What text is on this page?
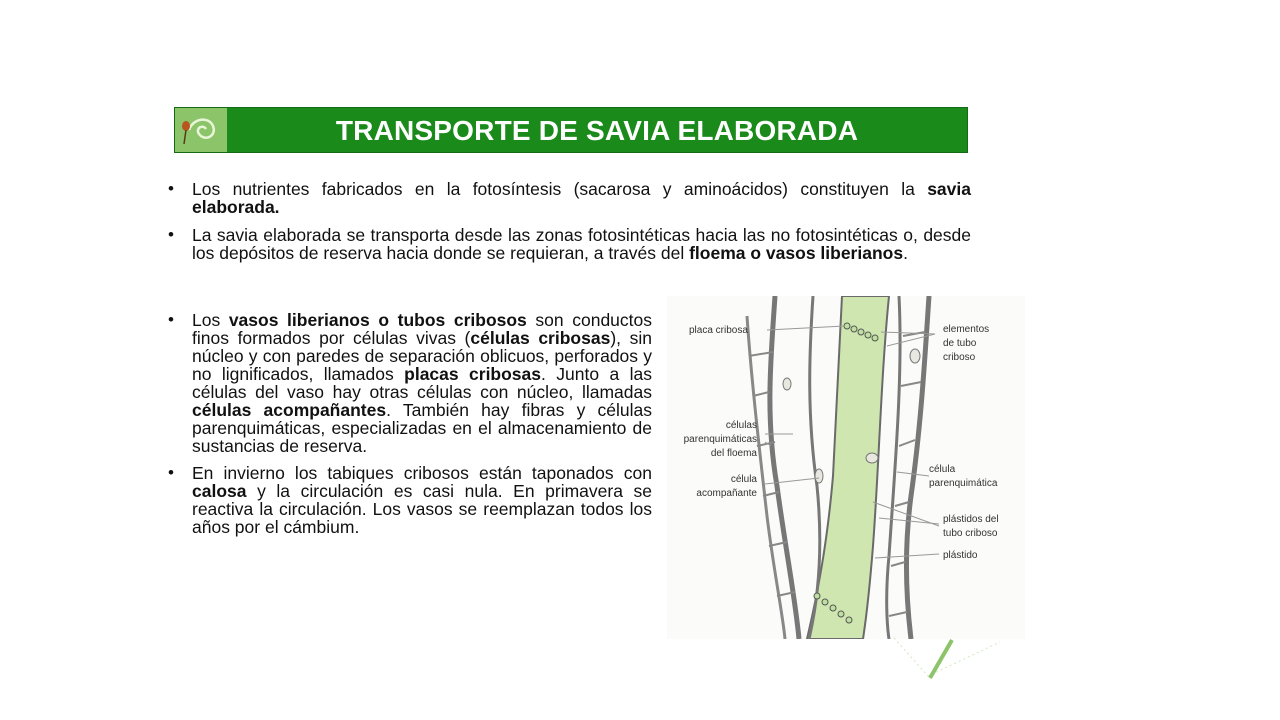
TRANSPORTE DE SAVIA ELABORADA
• Los nutrientes fabricados en la fotosíntesis (sacarosa y aminoácidos) constituyen la savia elaborada.
• La savia elaborada se transporta desde las zonas fotosintéticas hacia las no fotosintéticas o, desde los depósitos de reserva hacia donde se requieran, a través del floema o vasos liberianos.
• Los vasos liberianos o tubos cribosos son conductos finos formados por células vivas (células cribosas), sin núcleo y con paredes de separación oblicuos, perforados y no lignificados, llamados placas cribosas. Junto a las células del vaso hay otras células con núcleo, llamadas células acompañantes. También hay fibras y células parenquimáticas, especializadas en el almacenamiento de sustancias de reserva.
• En invierno los tabiques cribosos están taponados con calosa y la circulación es casi nula. En primavera se reactiva la circulación. Los vasos se reemplazan todos los años por el cámbium.
placa cribosa	elementos
de tubo
criboso
células
parenquimáticas
del floema
célula
acompañante
célula
parenquimática
plástidos del
tubo criboso
plástido
